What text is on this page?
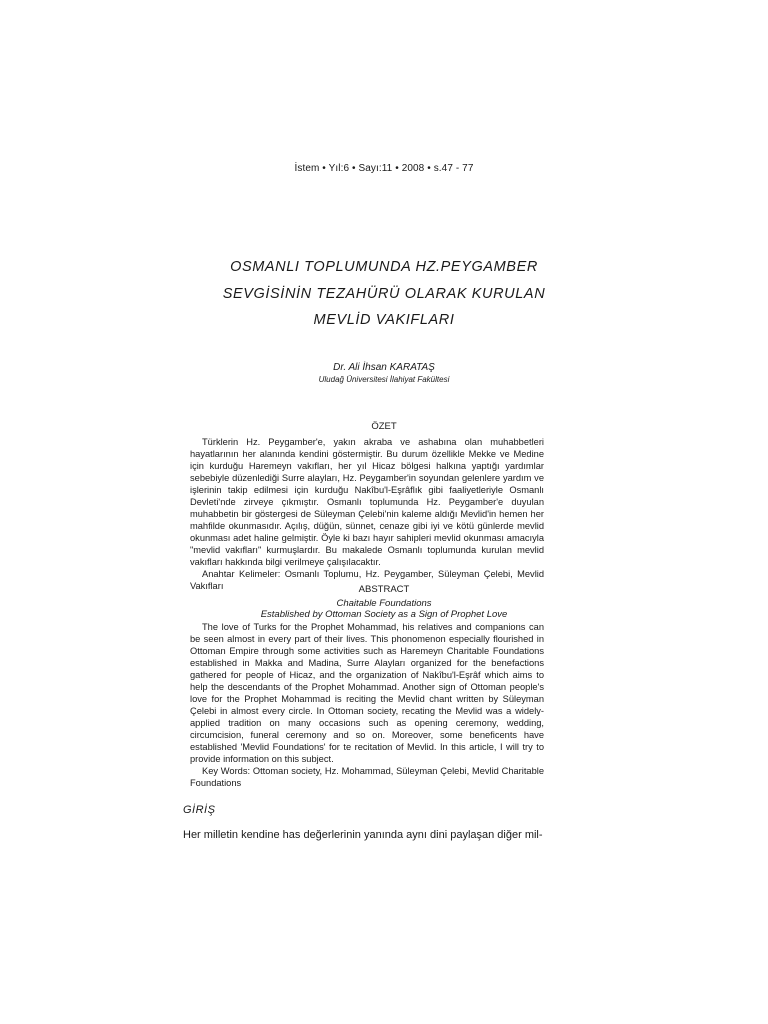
İstem • Yıl:6 • Sayı:11 • 2008 • s.47 - 77
OSMANLI TOPLUMUNDA HZ.PEYGAMBER
SEVGİSİNİN TEZAHÜRÜ OLARAK KURULAN
MEVLİD VAKIFLARI
Dr. Ali İhsan KARATAŞ
Uludağ Üniversitesi İlahiyat Fakültesi
ÖZET

Türklerin Hz. Peygamber'e, yakın akraba ve ashabına olan muhabbetleri hayatlarının her alanında kendini göstermiştir. Bu durum özellikle Mekke ve Medine için kurduğu Haremeyn vakıfları, her yıl Hicaz bölgesi halkına yaptığı yardımlar sebebiyle düzenlediği Surre alayları, Hz. Peygamber'in soyundan gelenlere yardım ve işlerinin takip edilmesi için kurduğu Nakîbu'l-Eşrâflık gibi faaliyetleriyle Osmanlı Devleti'nde zirveye çıkmıştır. Osmanlı toplumunda Hz. Peygamber'e duyulan muhabbetin bir göstergesi de Süleyman Çelebi'nin kaleme aldığı Mevlid'in hemen her mahfilde okunmasıdır. Açılış, düğün, sünnet, cenaze gibi iyi ve kötü günlerde mevlid okunması adet haline gelmiştir. Öyle ki bazı hayır sahipleri mevlid okunması amacıyla "mevlid vakıfları" kurmuşlardır. Bu makalede Osmanlı toplumunda kurulan mevlid vakıfları hakkında bilgi verilmeye çalışılacaktır.

Anahtar Kelimeler: Osmanlı Toplumu, Hz. Peygamber, Süleyman Çelebi, Mevlid Vakıfları	ABSTRACT
Chaitable Foundations
Established by Ottoman Society as a Sign of Prophet Love

The love of Turks for the Prophet Mohammad, his relatives and companions can be seen almost in every part of their lives. This phonomenon especially flourished in Ottoman Empire through some activities such as Haremeyn Charitable Foundations established in Makka and Madina, Surre Alayları organized for the benefactions gathered for people of Hicaz, and the organization of Nakîbu'l-Eşrâf which aims to help the descendants of the Prophet Mohammad. Another sign of Ottoman people's love for the Prophet Mohammad is reciting the Mevlid chant written by Süleyman Çelebi in almost every circle. In Ottoman society, recating the Mevlid was a widely-applied tradition on many occasions such as opening ceremony, wedding, circumcision, funeral ceremony and so on. Moreover, some beneficents have established 'Mevlid Foundations' for te recitation of Mevlid. In this article, I will try to provide information on this subject.

Key Words: Ottoman society, Hz. Mohammad, Süleyman Çelebi, Mevlid Charitable Foundations

GİRİŞ
Her milletin kendine has değerlerinin yanında aynı dini paylaşan diğer mil-
